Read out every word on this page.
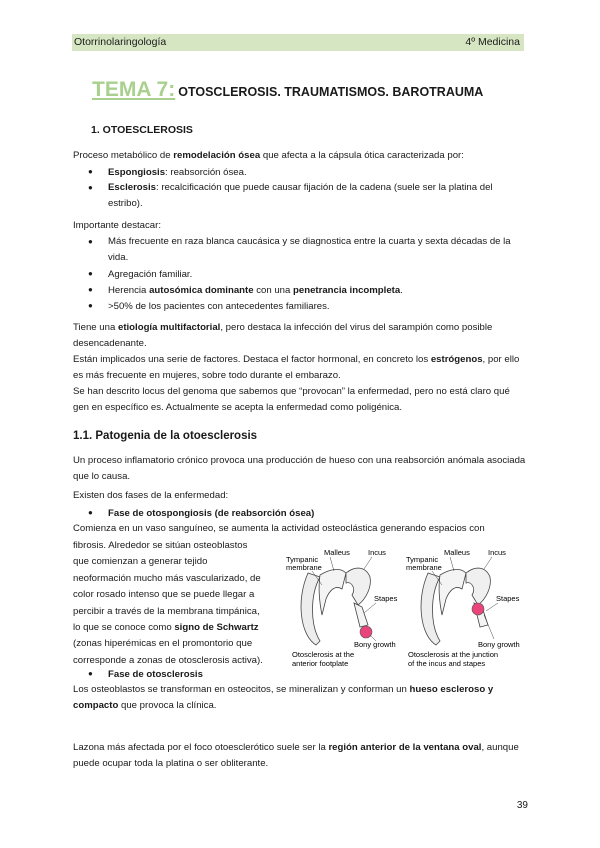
Otorrinolaringología	4º Medicina
TEMA 7: OTOSCLEROSIS. TRAUMATISMOS. BAROTRAUMA
1. OTOESCLEROSIS
Proceso metabólico de remodelación ósea que afecta a la cápsula ótica caracterizada por:
● Espongiosis: reabsorción ósea.
● Esclerosis: recalcificación que puede causar fijación de la cadena (suele ser la platina del estribo).
Importante destacar:
● Más frecuente en raza blanca caucásica y se diagnostica entre la cuarta y sexta décadas de la vida.
● Agregación familiar.
● Herencia autosómica dominante con una penetrancia incompleta.
● >50% de los pacientes con antecedentes familiares.
Tiene una etiología multifactorial, pero destaca la infección del virus del sarampión como posible desencadenante.
Están implicados una serie de factores. Destaca el factor hormonal, en concreto los estrógenos, por ello es más frecuente en mujeres, sobre todo durante el embarazo.
Se han descrito locus del genoma que sabemos que “provocan” la enfermedad, pero no está claro qué gen en específico es. Actualmente se acepta la enfermedad como poligénica.
1.1. Patogenia de la otoesclerosis
Un proceso inflamatorio crónico provoca una producción de hueso con una reabsorción anómala asociada que lo causa.
Existen dos fases de la enfermedad:
● Fase de otospongiosis (de reabsorción ósea)
Comienza en un vaso sanguíneo, se aumenta la actividad osteoclástica generando espacios con
fibrosis. Alrededor se sitúan osteoblastos que comienzan a generar tejido neoformación mucho más vascularizado, de color rosado intenso que se puede llegar a percibir a través de la membrana timpánica, lo que se conoce como signo de Schwartz (zonas hiperémicas en el promontorio que corresponde a zonas de otosclerosis activa).
Tympanic
membrane
Malleus Incus
Stapes
Bony growth
Otosclerosis at the
anterior footplate
Tympanic
membrane
Malleus Incus
Stapes
Bony growth
Otosclerosis at the junction
of the incus and stapes
● Fase de otosclerosis
Los osteoblastos se transforman en osteocitos, se mineralizan y conforman un hueso escleroso y compacto que provoca la clínica.
Lazona más afectada por el foco otoesclerótico suele ser la región anterior de la ventana oval, aunque puede ocupar toda la platina o ser obliterante.
39
